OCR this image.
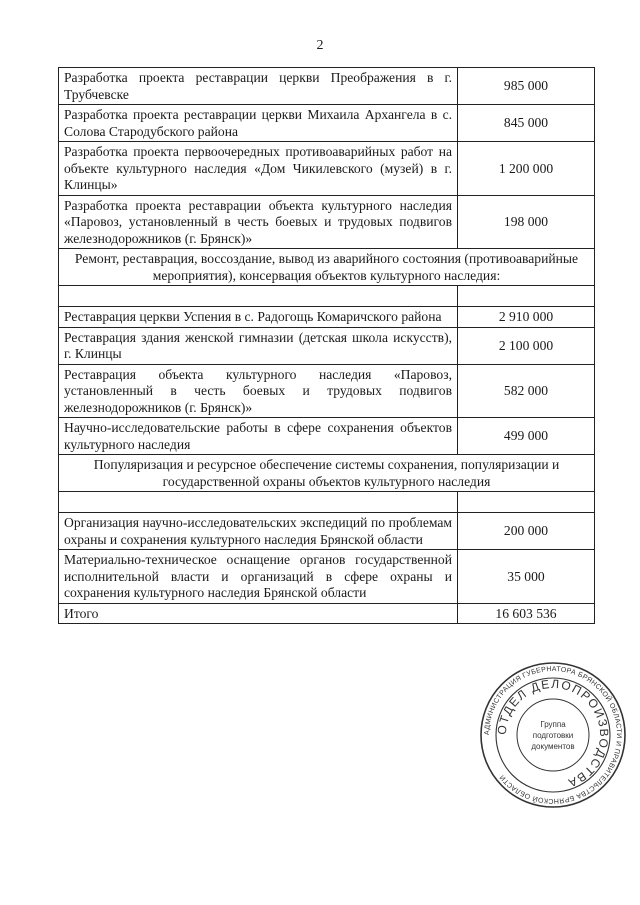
2
Разработка проекта реставрации церкви Преображения в г. Трубчевске	985 000
Разработка проекта реставрации церкви Михаила Архангела в с. Солова Стародубского района	845 000
Разработка проекта первоочередных противоаварийных работ на объекте культурного наследия «Дом Чикилевского (музей) в г. Клинцы»	1 200 000
Разработка проекта реставрации объекта культурного наследия «Паровоз, установленный в честь боевых и трудовых подвигов железнодорожников (г. Брянск)»	198 000
Ремонт, реставрация, воссоздание, вывод из аварийного состояния (противоаварийные мероприятия), консервация объектов культурного наследия:	

Реставрация церкви Успения в с. Радогощь Комаричского района	2 910 000
Реставрация здания женской гимназии (детская школа искусств), г. Клинцы	2 100 000
Реставрация объекта культурного наследия «Паровоз, установленный в честь боевых и трудовых подвигов железнодорожников (г. Брянск)»	582 000
Научно-исследовательские работы в сфере сохранения объектов культурного наследия	499 000
Популяризация и ресурсное обеспечение системы сохранения, популяризации и государственной охраны объектов культурного наследия	

Организация научно-исследовательских экспедиций по проблемам охраны и сохранения культурного наследия Брянской области	200 000
Материально-техническое оснащение органов государственной исполнительной власти и организаций в сфере охраны и сохранения культурного наследия Брянской области	35 000
Итого	16 603 536
АДМИНИСТРАЦИЯ ГУБЕРНАТОРА БРЯНСКОЙ ОБЛАСТИ И ПРАВИТЕЛЬСТВА БРЯНСКОЙ ОБЛАСТИ
ОТДЕЛ ДЕЛОПРОИЗВОДСТВА
Группа
подготовки
документов
